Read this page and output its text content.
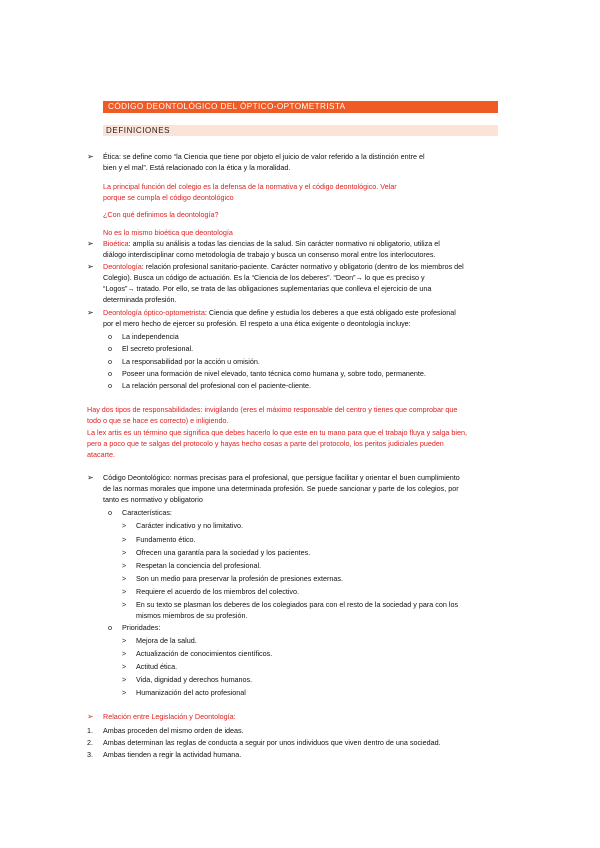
CÓDIGO DEONTOLÓGICO DEL ÓPTICO-OPTOMETRISTA
DEFINICIONES
➢ Ética: se define como “la Ciencia que tiene por objeto el juicio de valor referido a la distinción entre el
bien y el mal”. Está relacionado con la ética y la moralidad.
La principal función del colegio es la defensa de la normativa y el código deontológico. Velar
porque se cumpla el código deontológico
¿Con qué definimos la deontología?
No es lo mismo bioética que deontología
➢ Bioética: amplía su análisis a todas las ciencias de la salud. Sin carácter normativo ni obligatorio, utiliza el
diálogo interdisciplinar como metodología de trabajo y busca un consenso moral entre los interlocutores.
➢ Deontología: relación profesional sanitario-paciente. Carácter normativo y obligatorio (dentro de los miembros del
Colegio). Busca un código de actuación. Es la “Ciencia de los deberes”. “Deon”→ lo que es preciso y
“Logos”→ tratado. Por ello, se trata de las obligaciones suplementarias que conlleva el ejercicio de una
determinada profesión.
➢ Deontología óptico-optometrista: Ciencia que define y estudia los deberes a que está obligado este profesional
por el mero hecho de ejercer su profesión. El respeto a una ética exigente o deontología incluye:
o La independencia
o El secreto profesional.
o La responsabilidad por la acción u omisión.
o Poseer una formación de nivel elevado, tanto técnica como humana y, sobre todo, permanente.
o La relación personal del profesional con el paciente-cliente.
Hay dos tipos de responsabilidades: invigilando (eres el máximo responsable del centro y tienes que comprobar que
todo o que se hace es correcto) e inligiendo.
La lex artis es un término que significa que debes hacerlo lo que este en tu mano para que el trabajo fluya y salga bien,
pero a poco que te salgas del protocolo y hayas hecho cosas a parte del protocolo, los peritos judiciales pueden
atacarte.
➢ Código Deontológico: normas precisas para el profesional, que persigue facilitar y orientar el buen cumplimiento
de las normas morales que impone una determinada profesión. Se puede sancionar y parte de los colegios, por
tanto es normativo y obligatorio
o Características:
> Carácter indicativo y no limitativo.
> Fundamento ético.
> Ofrecen una garantía para la sociedad y los pacientes.
> Respetan la conciencia del profesional.
> Son un medio para preservar la profesión de presiones externas.
> Requiere el acuerdo de los miembros del colectivo.
> En su texto se plasman los deberes de los colegiados para con el resto de la sociedad y para con los
mismos miembros de su profesión.
o Prioridades:
> Mejora de la salud.
> Actualización de conocimientos científicos.
> Actitud ética.
> Vida, dignidad y derechos humanos.
> Humanización del acto profesional
➢ Relación entre Legislación y Deontología:
1. Ambas proceden del mismo orden de ideas.
2. Ambas determinan las reglas de conducta a seguir por unos individuos que viven dentro de una sociedad.
3. Ambas tienden a regir la actividad humana.
